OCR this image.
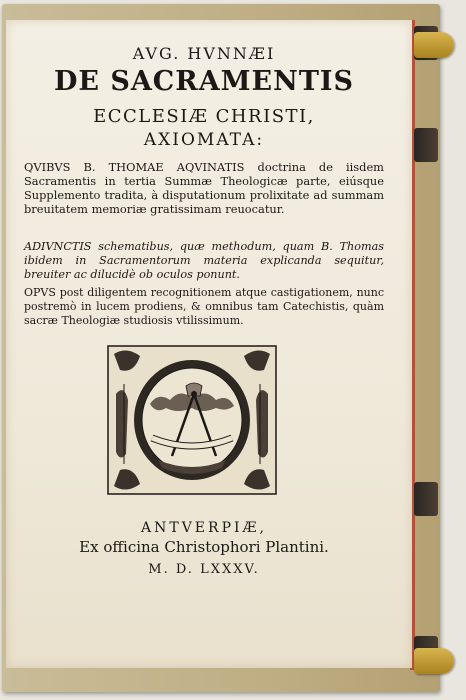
AVG. HVNNÆI
DE SACRAMENTIS
ECCLESIÆ CHRISTI,
AXIOMATA:
QVIBVS B. THOMAE AQVINATIS doctrina de iisdem Sacramentis in tertia Summæ Theologicæ parte, eiúsque Supplemento tradita, à disputationum prolixitate ad summam breuitatem memoriæ gratissimam reuocatur.
ADIVNCTIS schematibus, quæ methodum, quam B. Thomas ibidem in Sacramentorum materia explicanda sequitur, breuiter ac dilucidè ob oculos ponunt.
OPVS post diligentem recognitionem atque castigationem, nunc postremò in lucem prodiens, & omnibus tam Catechistis, quàm sacræ Theologiæ studiosis vtilissimum.
ANTVERPIÆ,
Ex officina Christophori Plantini.
M. D. LXXXV.
